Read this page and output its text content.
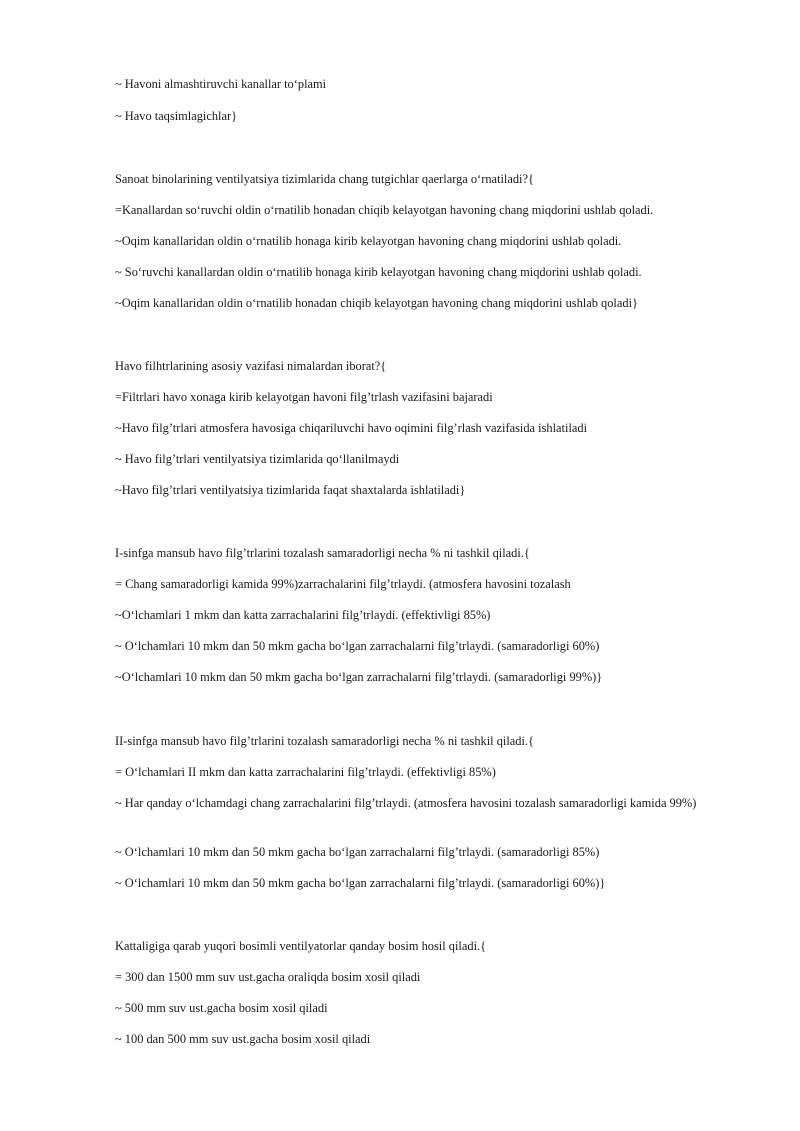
~ Havoni almashtiruvchi kanallar to‘plami
~ Havo taqsimlagichlar}
Sanoat binolarining ventilyatsiya tizimlarida chang tutgichlar qaerlarga o‘rnatiladi?{
=Kanallardan so‘ruvchi oldin o‘rnatilib honadan chiqib kelayotgan havoning chang miqdorini ushlab qoladi.
~Oqim kanallaridan oldin o‘rnatilib honaga kirib kelayotgan havoning chang miqdorini ushlab qoladi.
~ So‘ruvchi kanallardan oldin o‘rnatilib honaga kirib kelayotgan havoning chang miqdorini ushlab qoladi.
~Oqim kanallaridan oldin o‘rnatilib honadan chiqib kelayotgan havoning chang miqdorini ushlab qoladi}
Havo filhtrlarining asosiy vazifasi nimalardan iborat?{
=Filtrlari havo xonaga kirib kelayotgan havoni filg’trlash vazifasini bajaradi
~Havo filg’trlari atmosfera havosiga chiqariluvchi havo oqimini filg’rlash vazifasida ishlatiladi
~ Havo filg’trlari ventilyatsiya tizimlarida qo‘llanilmaydi
~Havo filg’trlari ventilyatsiya tizimlarida faqat shaxtalarda ishlatiladi}
I-sinfga mansub havo filg’trlarini tozalash samaradorligi necha % ni tashkil qiladi.{
= Chang samaradorligi kamida 99%)zarrachalarini filg’trlaydi. (atmosfera havosini tozalash
~O‘lchamlari 1 mkm dan katta zarrachalarini filg’trlaydi. (effektivligi 85%)
~ O‘lchamlari 10 mkm dan 50 mkm gacha bo‘lgan zarrachalarni filg’trlaydi. (samaradorligi 60%)
~O‘lchamlari 10 mkm dan 50 mkm gacha bo‘lgan zarrachalarni filg’trlaydi. (samaradorligi 99%)}
II-sinfga mansub havo filg’trlarini tozalash samaradorligi necha % ni tashkil qiladi.{
= O‘lchamlari II mkm dan katta zarrachalarini filg’trlaydi. (effektivligi 85%)
~ Har qanday o‘lchamdagi chang zarrachalarini filg’trlaydi. (atmosfera havosini tozalash samaradorligi kamida 99%)
~ O‘lchamlari 10 mkm dan 50 mkm gacha bo‘lgan zarrachalarni filg’trlaydi. (samaradorligi 85%)
~ O‘lchamlari 10 mkm dan 50 mkm gacha bo‘lgan zarrachalarni filg’trlaydi. (samaradorligi 60%)}
Kattaligiga qarab yuqori bosimli ventilyatorlar qanday bosim hosil qiladi.{
= 300 dan 1500 mm suv ust.gacha oraliqda bosim xosil qiladi
~ 500 mm suv ust.gacha bosim xosil qiladi
~ 100 dan 500 mm suv ust.gacha bosim xosil qiladi
